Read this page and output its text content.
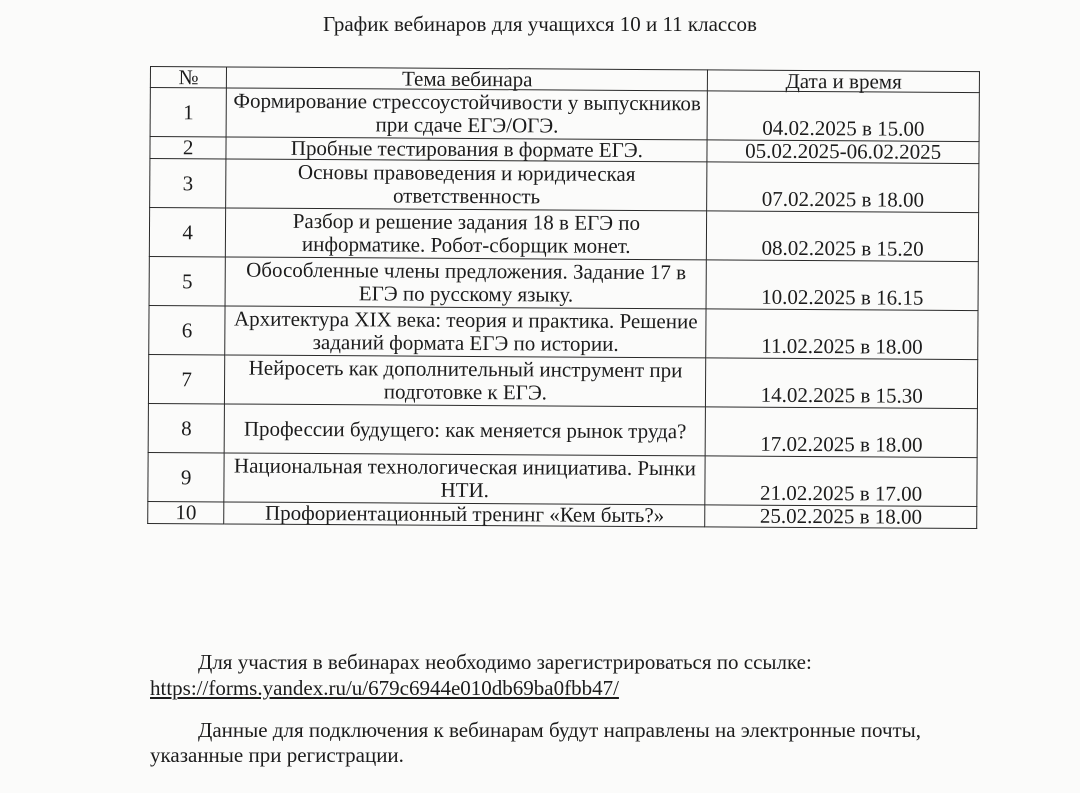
График вебинаров для учащихся 10 и 11 классов
№	Тема вебинара	Дата и время
1	Формирование стрессоустойчивости у выпускников при сдаче ЕГЭ/ОГЭ.	04.02.2025 в 15.00
2	Пробные тестирования в формате ЕГЭ.	05.02.2025-06.02.2025
3	Основы правоведения и юридическая ответственность	07.02.2025 в 18.00
4	Разбор и решение задания 18 в ЕГЭ по информатике. Робот-сборщик монет.	08.02.2025 в 15.20
5	Обособленные члены предложения. Задание 17 в ЕГЭ по русскому языку.	10.02.2025 в 16.15
6	Архитектура XIX века: теория и практика. Решение заданий формата ЕГЭ по истории.	11.02.2025 в 18.00
7	Нейросеть как дополнительный инструмент при подготовке к ЕГЭ.	14.02.2025 в 15.30
8	Профессии будущего: как меняется рынок труда?	17.02.2025 в 18.00
9	Национальная технологическая инициатива. Рынки НТИ.	21.02.2025 в 17.00
10	Профориентационный тренинг «Кем быть?»	25.02.2025 в 18.00
Для участия в вебинарах необходимо зарегистрироваться по ссылке:
https://forms.yandex.ru/u/679c6944e010db69ba0fbb47/
Данные для подключения к вебинарам будут направлены на электронные почты, указанные при регистрации.
